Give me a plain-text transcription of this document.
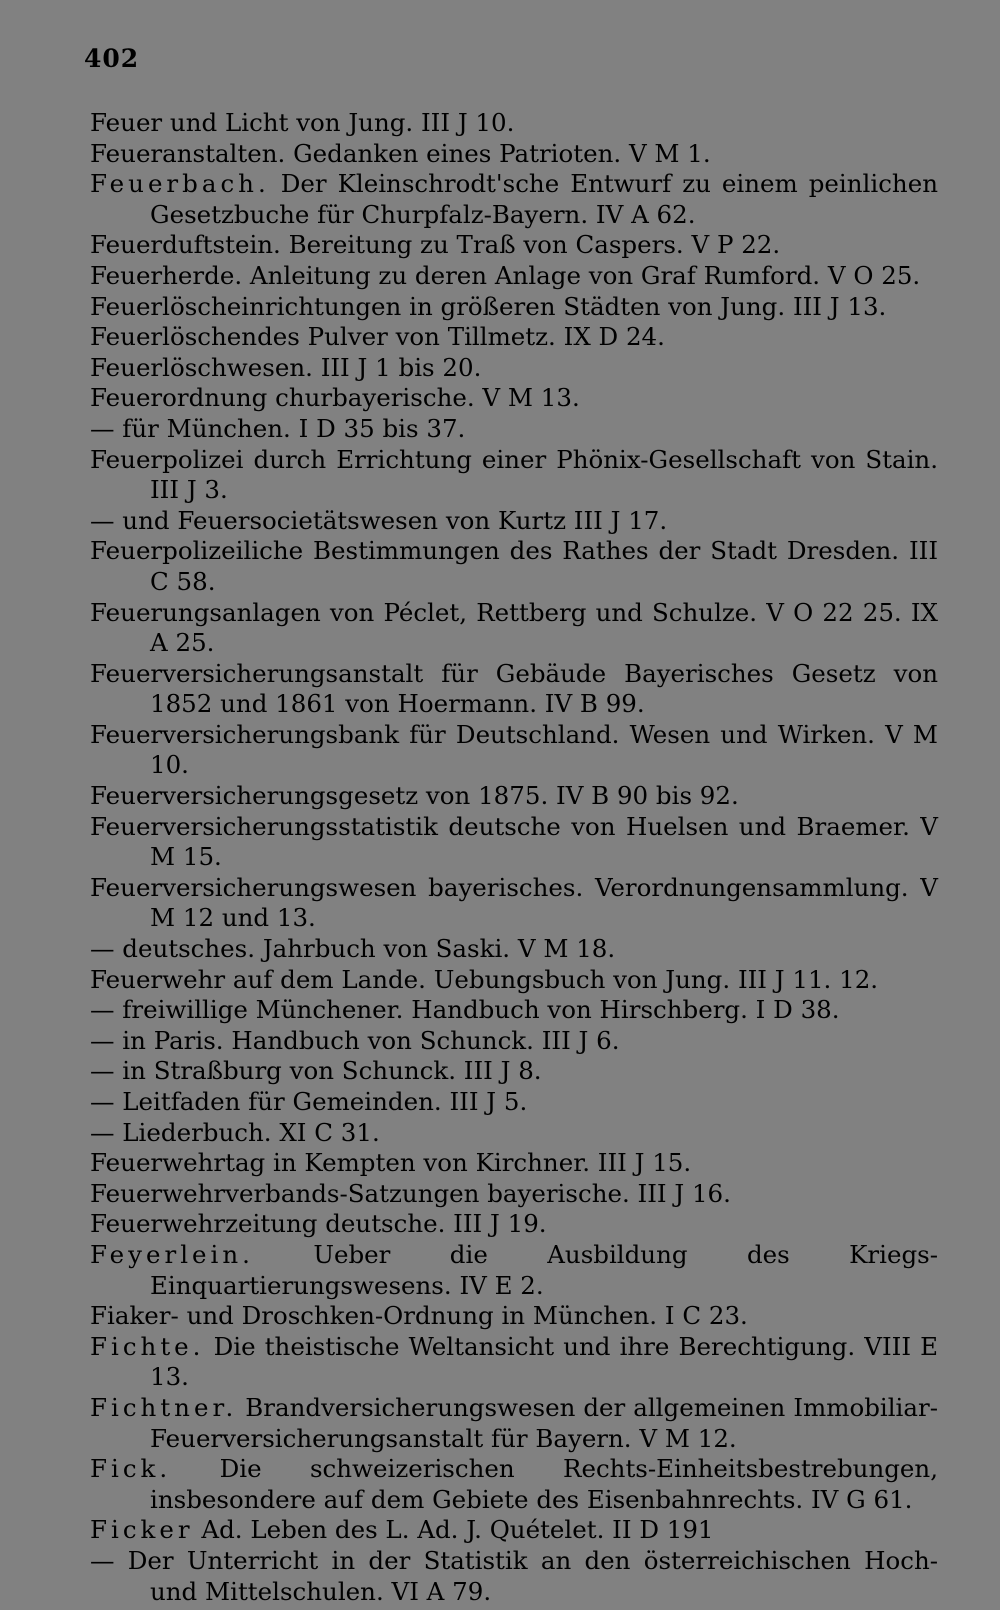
402
Feuer und Licht von Jung. III J 10.
Feueranstalten. Gedanken eines Patrioten. V M 1.
Feuerbach. Der Kleinschrodt'sche Entwurf zu einem peinlichen Gesetzbuche für Churpfalz-Bayern. IV A 62.
Feuerduftstein. Bereitung zu Traß von Caspers. V P 22.
Feuerherde. Anleitung zu deren Anlage von Graf Rumford. V O 25.
Feuerlöscheinrichtungen in größeren Städten von Jung. III J 13.
Feuerlöschendes Pulver von Tillmetz. IX D 24.
Feuerlöschwesen. III J 1 bis 20.
Feuerordnung churbayerische. V M 13.
— für München. I D 35 bis 37.
Feuerpolizei durch Errichtung einer Phönix-Gesellschaft von Stain. III J 3.
— und Feuersocietätswesen von Kurtz III J 17.
Feuerpolizeiliche Bestimmungen des Rathes der Stadt Dresden. III C 58.
Feuerungsanlagen von Péclet, Rettberg und Schulze. V O 22 25. IX A 25.
Feuerversicherungsanstalt für Gebäude Bayerisches Gesetz von 1852 und 1861 von Hoermann. IV B 99.
Feuerversicherungsbank für Deutschland. Wesen und Wirken. V M 10.
Feuerversicherungsgesetz von 1875. IV B 90 bis 92.
Feuerversicherungsstatistik deutsche von Huelsen und Braemer. V M 15.
Feuerversicherungswesen bayerisches. Verordnungensammlung. V M 12 und 13.
— deutsches. Jahrbuch von Saski. V M 18.
Feuerwehr auf dem Lande. Uebungsbuch von Jung. III J 11. 12.
— freiwillige Münchener. Handbuch von Hirschberg. I D 38.
— in Paris. Handbuch von Schunck. III J 6.
— in Straßburg von Schunck. III J 8.
— Leitfaden für Gemeinden. III J 5.
— Liederbuch. XI C 31.
Feuerwehrtag in Kempten von Kirchner. III J 15.
Feuerwehrverbands-Satzungen bayerische. III J 16.
Feuerwehrzeitung deutsche. III J 19.
Feyerlein. Ueber die Ausbildung des Kriegs-Einquartierungswesens. IV E 2.
Fiaker- und Droschken-Ordnung in München. I C 23.
Fichte. Die theistische Weltansicht und ihre Berechtigung. VIII E 13.
Fichtner. Brandversicherungswesen der allgemeinen Immobiliar-Feuerversicherungsanstalt für Bayern. V M 12.
Fick. Die schweizerischen Rechts-Einheitsbestrebungen, insbesondere auf dem Gebiete des Eisenbahnrechts. IV G 61.
Ficker Ad. Leben des L. Ad. J. Quételet. II D 191
— Der Unterricht in der Statistik an den österreichischen Hoch- und Mittelschulen. VI A 79.
